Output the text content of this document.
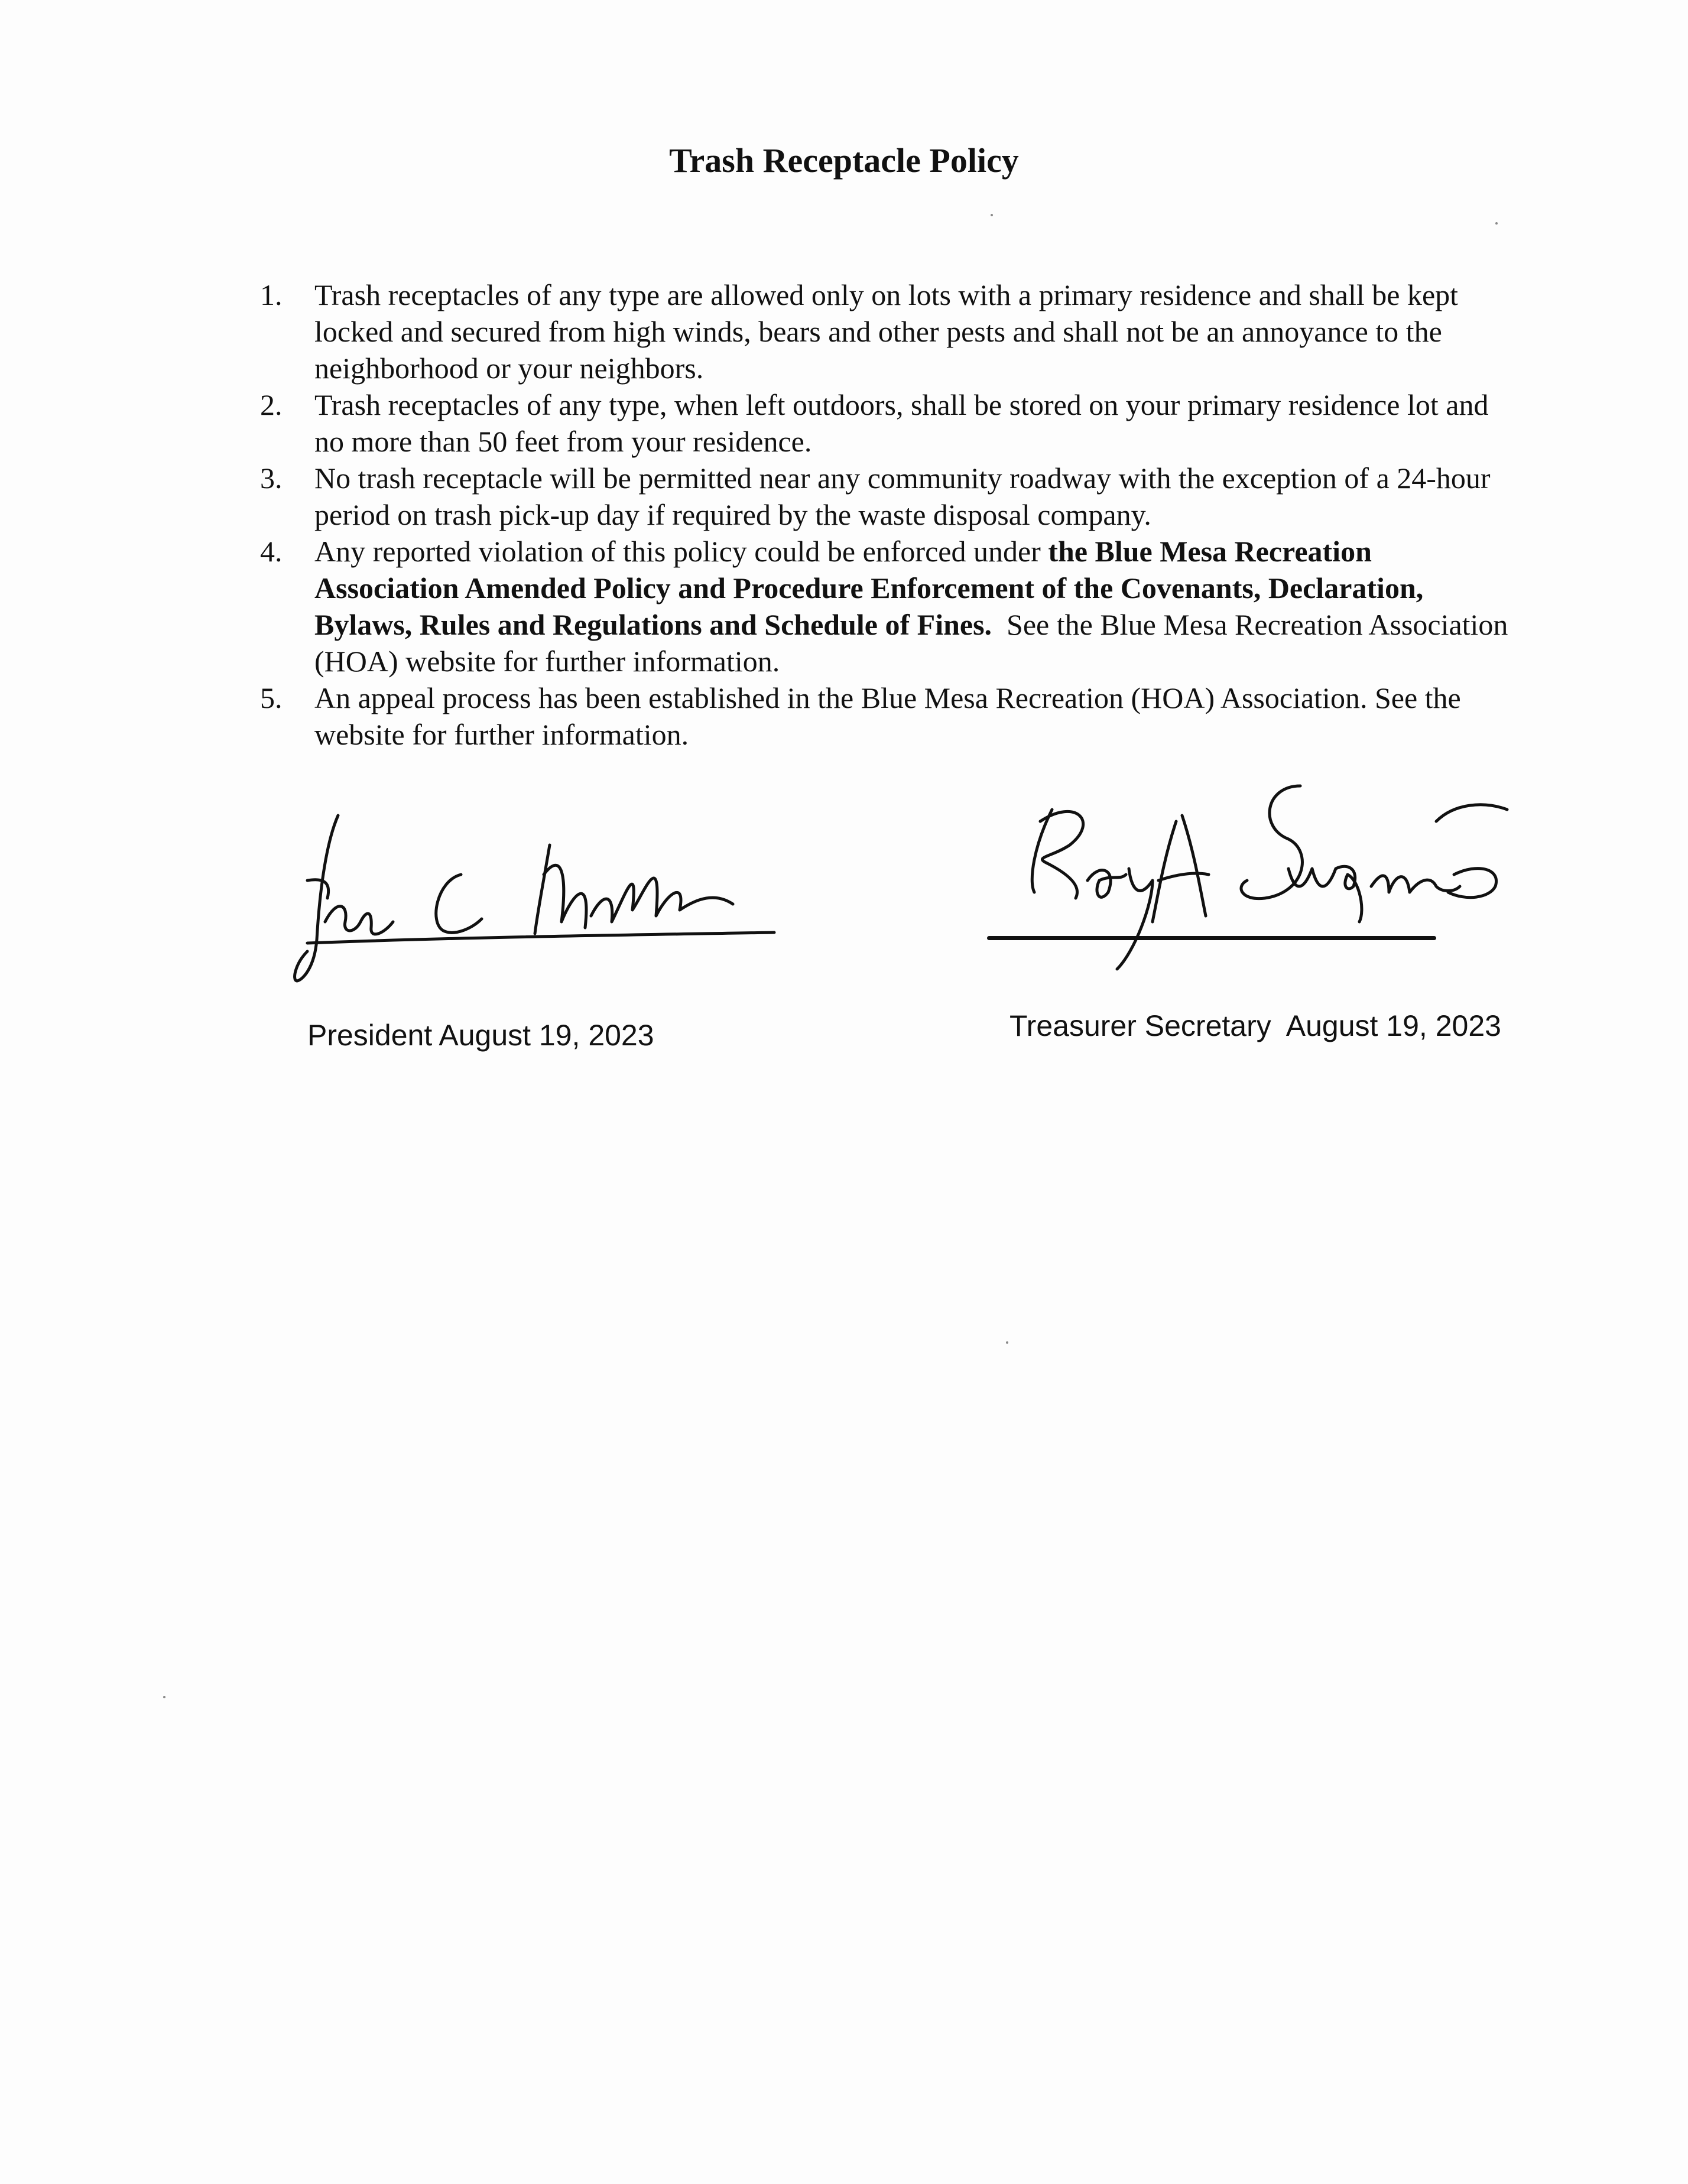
Trash Receptacle Policy
1.	Trash receptacles of any type are allowed only on lots with a primary residence and shall be kept locked and secured from high winds, bears and other pests and shall not be an annoyance to the neighborhood or your neighbors.
2.	Trash receptacles of any type, when left outdoors, shall be stored on your primary residence lot and no more than 50 feet from your residence.
3.	No trash receptacle will be permitted near any community roadway with the exception of a 24-hour period on trash pick-up day if required by the waste disposal company.
4.	Any reported violation of this policy could be enforced under the Blue Mesa Recreation Association Amended Policy and Procedure Enforcement of the Covenants, Declaration, Bylaws, Rules and Regulations and Schedule of Fines.  See the Blue Mesa Recreation Association (HOA) website for further information.
5.	An appeal process has been established in the Blue Mesa Recreation (HOA) Association. See the website for further information.
President August 19, 2023	Treasurer Secretary  August 19, 2023
